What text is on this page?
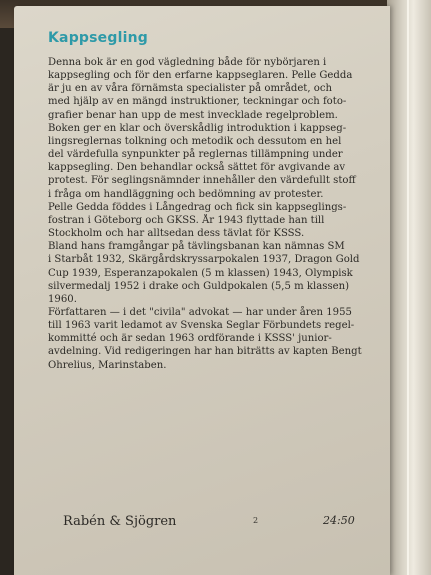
Kappsegling
Denna bok är en god vägledning både för nybörjaren i
kappsegling och för den erfarne kappseglaren. Pelle Gedda
är ju en av våra förnämsta specialister på området, och
med hjälp av en mängd instruktioner, teckningar och foto-
grafier benar han upp de mest invecklade regelproblem.
Boken ger en klar och överskådlig introduktion i kappseg-
lingsreglernas tolkning och metodik och dessutom en hel
del värdefulla synpunkter på reglernas tillämpning under
kappsegling. Den behandlar också sättet för avgivande av
protest. För seglingsnämnder innehåller den värdefullt stoff
i fråga om handläggning och bedömning av protester.
Pelle Gedda föddes i Långedrag och fick sin kappseglings-
fostran i Göteborg och GKSS. År 1943 flyttade han till
Stockholm och har alltsedan dess tävlat för KSSS.
Bland hans framgångar på tävlingsbanan kan nämnas SM
i Starbåt 1932, Skärgårdskryssarpokalen 1937, Dragon Gold
Cup 1939, Esperanzapokalen (5 m klassen) 1943, Olympisk
silvermedalj 1952 i drake och Guldpokalen (5,5 m klassen)
1960.
Författaren — i det "civila" advokat — har under åren 1955
till 1963 varit ledamot av Svenska Seglar Förbundets regel-
kommitté och är sedan 1963 ordförande i KSSS' junior-
avdelning. Vid redigeringen har han biträtts av kapten Bengt
Ohrelius, Marinstaben.
Rabén & Sjögren	2	24:50
